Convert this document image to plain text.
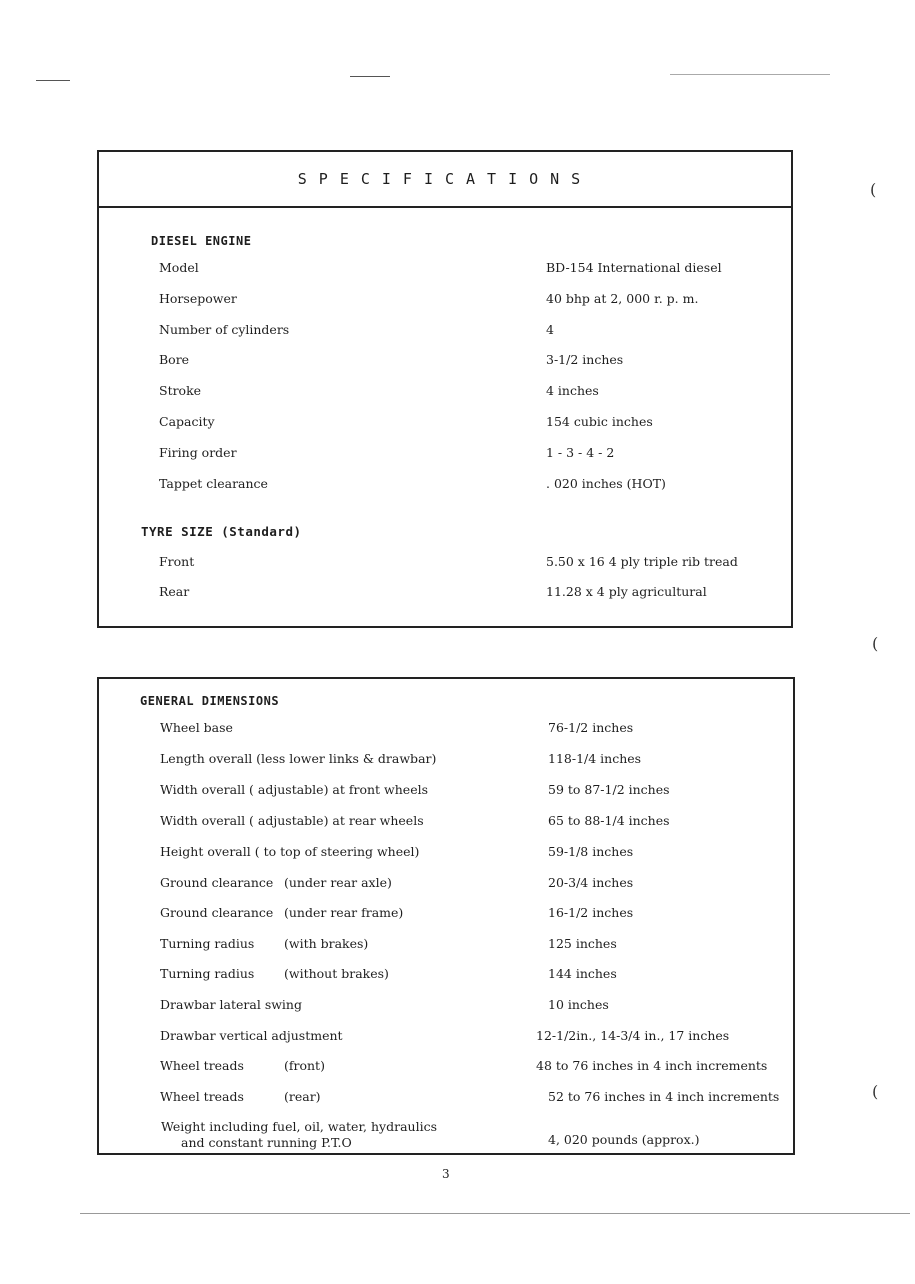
(
(
(
SPECIFICATIONS
DIESEL ENGINE
Model	BD-154 International diesel
Horsepower	40 bhp at 2, 000 r. p. m.
Number of cylinders	4
Bore	3-1/2 inches
Stroke	4 inches
Capacity	154 cubic inches
Firing order	1 - 3 - 4 - 2
Tappet clearance	. 020 inches (HOT)
TYRE SIZE (Standard)
Front	5.50 x 16 4 ply triple rib tread
Rear	11.28 x 4 ply agricultural
GENERAL DIMENSIONS
Wheel base	76-1/2 inches
Length overall (less lower links & drawbar)	118-1/4 inches
Width overall ( adjustable) at front wheels	59 to 87-1/2 inches
Width overall ( adjustable) at rear wheels	65 to 88-1/4 inches
Height overall ( to top of steering wheel)	59-1/8 inches
Ground clearance (under rear axle)	20-3/4 inches
Ground clearance (under rear frame)	16-1/2 inches
Turning radius (with brakes)	125 inches
Turning radius (without brakes)	144 inches
Drawbar lateral swing	10 inches
Drawbar vertical adjustment	12-1/2in., 14-3/4 in., 17 inches
Wheel treads	(front)	48 to 76 inches in 4 inch increments
Wheel treads	(rear)	52 to 76 inches in 4 inch increments
Weight including fuel, oil, water, hydraulics
and constant running P.T.O	4, 020 pounds (approx.)
3
